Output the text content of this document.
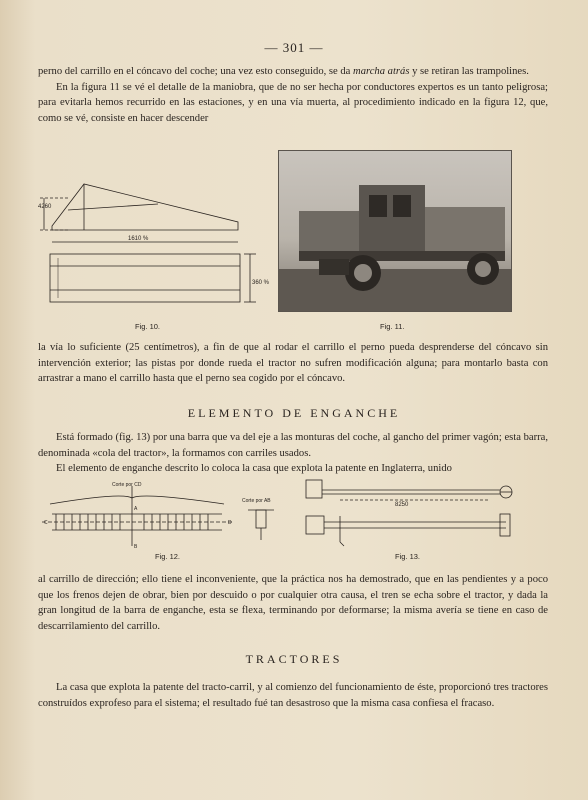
— 301 —

perno del carrillo en el cóncavo del coche; una vez esto conseguido, se da marcha atrás y se retiran las trampolines.

En la figura 11 se vé el detalle de la maniobra, que de no ser hecha por conductores expertos es un tanto peligrosa; para evitarla hemos recurrido en las estaciones, y en una vía muerta, al procedimiento indicado en la figura 12, que, como se vé, consiste en hacer descender

4260
1610 %
360 %
Fig. 10.	Fig. 11.
la vía lo suficiente (25 centímetros), a fin de que al rodar el carrillo el perno pueda desprenderse del cóncavo sin intervención exterior; las pistas por donde rueda el tractor no sufren modificación alguna; para montarlo basta con arrastrar a mano el carrillo hasta que el perno sea cogido por el cóncavo.
ELEMENTO DE ENGANCHE

Está formado (fig. 13) por una barra que va del eje a las monturas del coche, al gancho del primer vagón; esta barra, denominada «cola del tractor», la formamos con carriles usados.

El elemento de enganche descrito lo coloca la casa que explota la patente en Inglaterra, unido

Corte por CD
Corte por AB
A
B
C	D
Fig. 12.
8250
Fig. 13.
al carrillo de dirección; ello tiene el inconveniente, que la práctica nos ha demostrado, que en las pendientes y a poco que los frenos dejen de obrar, bien por descuido o por cualquier otra causa, el tren se echa sobre el tractor, y dada la gran longitud de la barra de enganche, esta se flexa, terminando por deformarse; la misma avería se tiene en caso de descarrilamiento del carrillo.
TRACTORES

La casa que explota la patente del tracto-carril, y al comienzo del funcionamiento de éste, proporcionó tres tractores construídos exprofeso para el sistema; el resultado fué tan desastroso que la misma casa confiesa el fracaso.
